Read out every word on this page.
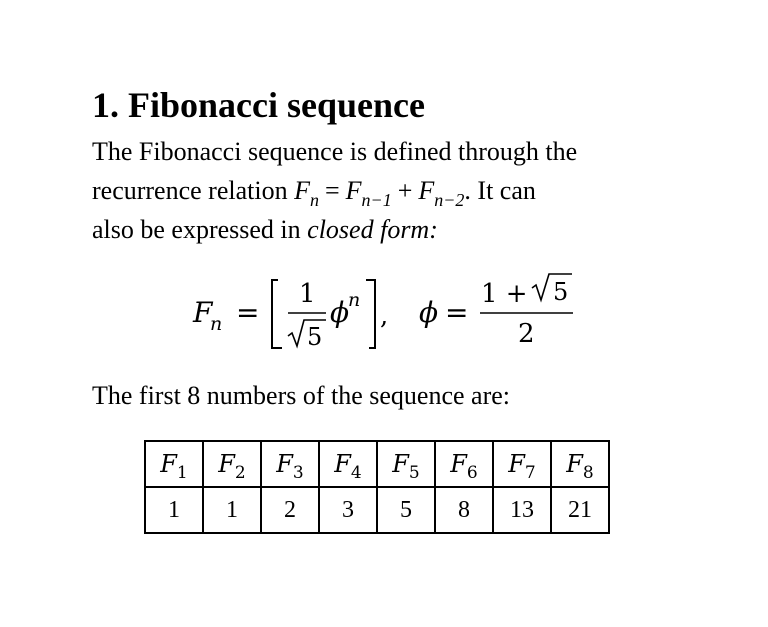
1. Fibonacci sequence

The Fibonacci sequence is defined through the
recurrence relation $F_n = F_{n-1} + F_{n-2}$. It can
also be expressed in closed form:

F
n =
1
5
ϕ
n
, ϕ =
1 + 5
2

The first 8 numbers of the sequence are:

$F_1$	$F_2$	$F_3$	$F_4$	$F_5$	$F_6$	$F_7$	$F_8$
1	1	2	3	5	8	13	21
